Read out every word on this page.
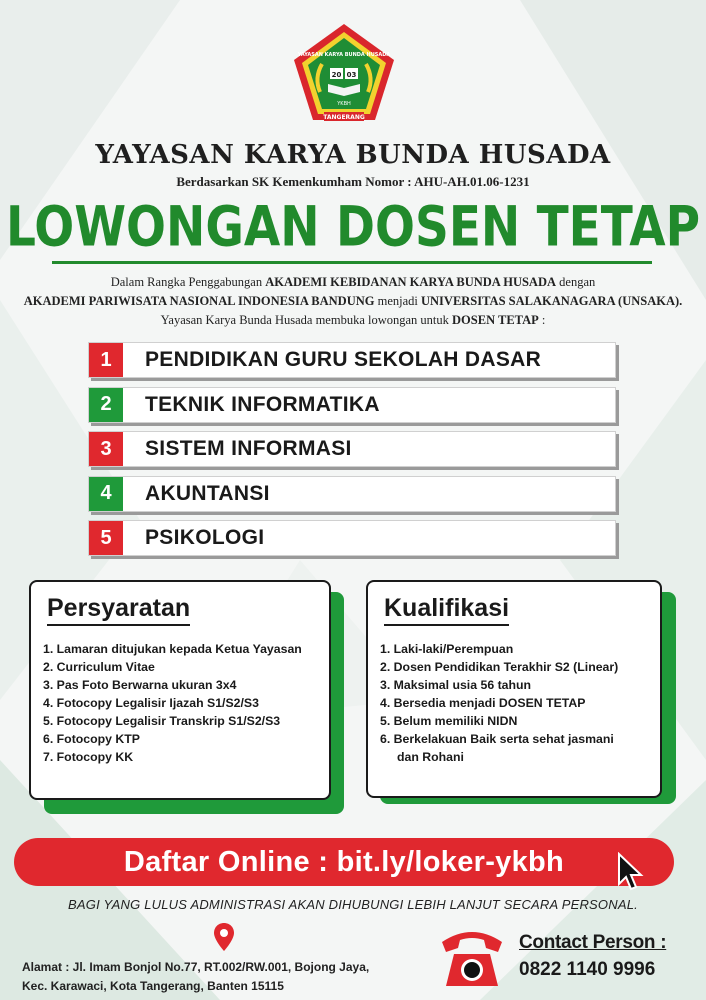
YAYASAN KARYA BUNDA HUSADA
20 03
YKBH
TANGERANG
YAYASAN KARYA BUNDA HUSADA
Berdasarkan SK Kemenkumham Nomor : AHU-AH.01.06-1231
LOWONGAN DOSEN TETAP
Dalam Rangka Penggabungan AKADEMI KEBIDANAN KARYA BUNDA HUSADA dengan
AKADEMI PARIWISATA NASIONAL INDONESIA BANDUNG menjadi UNIVERSITAS SALAKANAGARA (UNSAKA).
Yayasan Karya Bunda Husada membuka lowongan untuk DOSEN TETAP :
1	PENDIDIKAN GURU SEKOLAH DASAR
2	TEKNIK INFORMATIKA
3	SISTEM INFORMASI
4	AKUNTANSI
5	PSIKOLOGI
Persyaratan
1. Lamaran ditujukan kepada Ketua Yayasan
2. Curriculum Vitae
3. Pas Foto Berwarna ukuran 3x4
4. Fotocopy Legalisir Ijazah S1/S2/S3
5. Fotocopy Legalisir Transkrip S1/S2/S3
6. Fotocopy KTP
7. Fotocopy KK
Kualifikasi
1. Laki-laki/Perempuan
2. Dosen Pendidikan Terakhir S2 (Linear)
3. Maksimal usia 56 tahun
4. Bersedia menjadi DOSEN TETAP
5. Belum memiliki NIDN
6. Berkelakuan Baik serta sehat jasmani
dan Rohani
Daftar Online : bit.ly/loker-ykbh
BAGI YANG LULUS ADMINISTRASI AKAN DIHUBUNGI LEBIH LANJUT SECARA PERSONAL.
Alamat : Jl. Imam Bonjol No.77, RT.002/RW.001, Bojong Jaya,
Kec. Karawaci, Kota Tangerang, Banten 15115
Contact Person :
0822 1140 9996
